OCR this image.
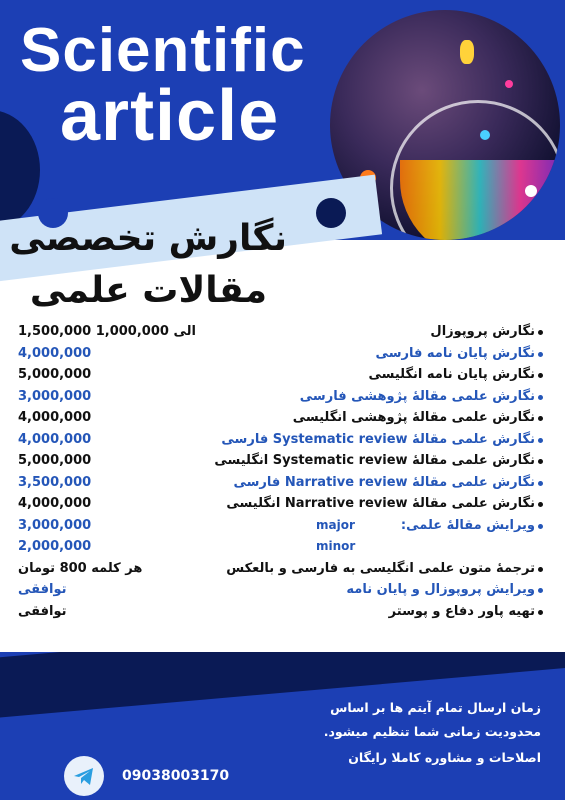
Scientific
article
نگارش تخصصی
مقالات علمی
نگارش پروپوزال
1,500,000 الی 1,000,000
نگارش پایان نامه فارسی
4,000,000
نگارش پایان نامه انگلیسی
5,000,000
نگارش علمی مقالهٔ پژوهشی فارسی
3,000,000
نگارش علمی مقالهٔ پژوهشی انگلیسی
4,000,000
نگارش علمی مقالهٔ Systematic review فارسی
4,000,000
نگارش علمی مقالهٔ Systematic review انگلیسی
5,000,000
نگارش علمی مقالهٔ Narrative review فارسی
3,500,000
نگارش علمی مقالهٔ Narrative review انگلیسی
4,000,000
ویرایش مقالهٔ علمی:
major
3,000,000
minor
2,000,000
ترجمهٔ متون علمی انگلیسی به فارسی و بالعکس
هر کلمه 800 تومان
ویرایش پروپوزال و پایان نامه
توافقی
تهیه پاور دفاع و پوستر
توافقی
زمان ارسال تمام آیتم ها بر اساس
محدودیت زمانی شما تنظیم میشود.
اصلاحات و مشاوره کاملا رایگان
09038003170
